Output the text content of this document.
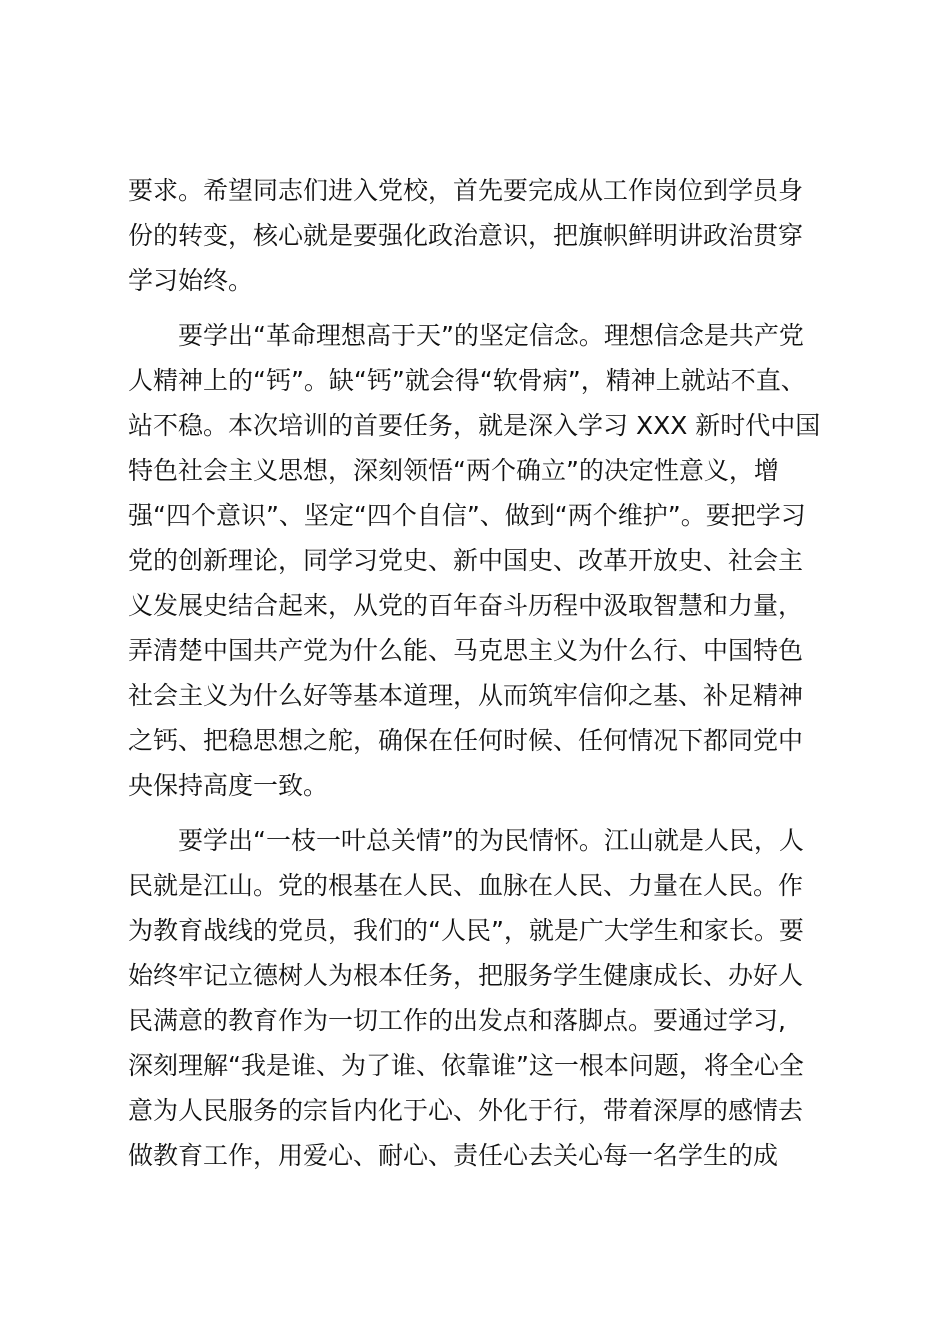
要求。希望同志们进入党校，首先要完成从工作岗位到学员身
份的转变，核心就是要强化政治意识，把旗帜鲜明讲政治贯穿
学习始终。
要学出“革命理想高于天”的坚定信念。理想信念是共产党
人精神上的“钙”。缺“钙”就会得“软骨病”，精神上就站不直、
站不稳。本次培训的首要任务，就是深入学习 XXX 新时代中国
特色社会主义思想，深刻领悟“两个确立”的决定性意义，增
强“四个意识”、坚定“四个自信”、做到“两个维护”。要把学习
党的创新理论，同学习党史、新中国史、改革开放史、社会主
义发展史结合起来，从党的百年奋斗历程中汲取智慧和力量，
弄清楚中国共产党为什么能、马克思主义为什么行、中国特色
社会主义为什么好等基本道理，从而筑牢信仰之基、补足精神
之钙、把稳思想之舵，确保在任何时候、任何情况下都同党中
央保持高度一致。
要学出“一枝一叶总关情”的为民情怀。江山就是人民，人
民就是江山。党的根基在人民、血脉在人民、力量在人民。作
为教育战线的党员，我们的“人民”，就是广大学生和家长。要
始终牢记立德树人为根本任务，把服务学生健康成长、办好人
民满意的教育作为一切工作的出发点和落脚点。要通过学习,
深刻理解“我是谁、为了谁、依靠谁”这一根本问题，将全心全
意为人民服务的宗旨内化于心、外化于行，带着深厚的感情去
做教育工作，用爱心、耐心、责任心去关心每一名学生的成
